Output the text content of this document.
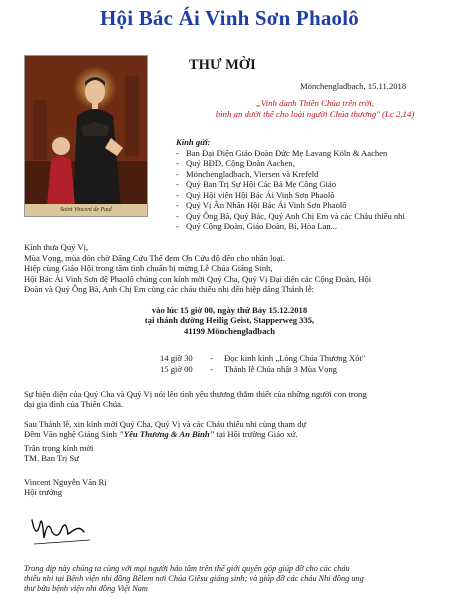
Hội Bác Ái Vinh Sơn Phaolô
Saint Vincent de Paul
THƯ MỜI
Mönchengladbach, 15.11.2018
„Vinh danh Thiên Chúa trên trời,
bình an dưới thế cho loài người Chúa thương" (Lc 2,14)
Kính gửi:
- Ban Đại Diện Giáo Đoàn Đức Mẹ Lavang Köln & Aachen
- Quý BĐD, Cộng Đoàn Aachen,
- Mönchengladbach, Viersen và Krefeld
- Quý Ban Trị Sự Hội Các Bà Mẹ Công Giáo
- Quý Hội viên Hội Bác Ái Vinh Sơn Phaolô
- Quý Vị Ân Nhân Hội Bác Ái Vinh Sơn Phaolô
- Quý Ông Bà, Quý Bác, Quý Anh Chị Em và các Cháu thiếu nhi
- Quý Cộng Đoàn, Giáo Đoàn, Bỉ, Hòa Lan...
Kính thưa Quý Vị,
Mùa Vọng, mùa đón chờ Đấng Cứu Thế đem Ơn Cứu độ đến cho nhân loại.
Hiệp cùng Giáo Hội trong tâm tình chuẩn bị mừng Lễ Chúa Giáng Sinh,
Hội Bác Ái Vinh Sơn đệ Phaolô chúng con kính mời Quý Cha, Quý Vị Đại diện các Cộng Đoàn, Hội
Đoàn và Quý Ông Bà, Anh Chị Em cùng các cháu thiếu nhi đến hiệp dâng Thánh lễ:
vào lúc 15 giờ 00, ngày thứ Bảy 15.12.2018
tại thánh đường Heilig Geist, Stapperweg 335,
41199 Mönchengladbach
14 giờ 30 - Đọc kinh kính „Lòng Chúa Thương Xót"
15 giờ 00 - Thánh lễ Chúa nhật 3 Mùa Vọng
Sự hiện diện của Quý Cha và Quý Vị nói lên tình yêu thương thắm thiết của những người con trong
đại gia đình của Thiên Chúa.
Sau Thánh lễ, xin kính mời Quý Cha, Quý Vị và các Cháu thiếu nhi cùng tham dự
Đêm Văn nghệ Giáng Sinh "Yêu Thương & An Bình" tại Hội trường Giáo xứ.
Trân trọng kính mời
TM. Ban Trị Sự
Vincent Nguyễn Văn Rị
Hội trưởng
Trong dịp này chúng ta cùng với mọi người hảo tâm trên thế giới quyên góp giúp đỡ cho các cháu
thiếu nhi tại Bệnh viện nhi đồng Bêlem nơi Chúa Giêsu giáng sinh; và giúp đỡ các cháu Nhi đồng ung
thư bửu bệnh viện nhi đồng Việt Nam
